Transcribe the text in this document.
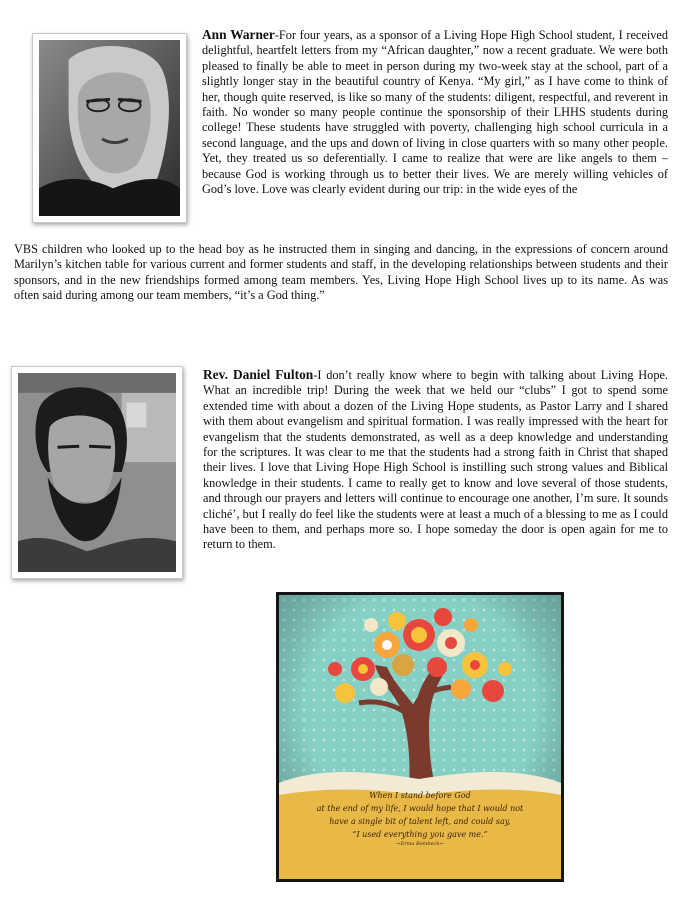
Ann Warner-For four years, as a sponsor of a Living Hope High School student, I received delightful, heartfelt letters from my “African daughter,” now a recent graduate. We were both pleased to finally be able to meet in person during my two-week stay at the school, part of a slightly longer stay in the beautiful country of Kenya. “My girl,” as I have come to think of her, though quite reserved, is like so many of the students: diligent, respectful, and reverent in faith. No wonder so many people continue the sponsorship of their LHHS students during college! These students have struggled with poverty, challenging high school curricula in a second language, and the ups and down of living in close quarters with so many other people. Yet, they treated us so deferentially. I came to realize that were are like angels to them – because God is working through us to better their lives. We are merely willing vehicles of God’s love. Love was clearly evident during our trip: in the wide eyes of the

VBS children who looked up to the head boy as he instructed them in singing and dancing, in the expressions of concern around Marilyn’s kitchen table for various current and former students and staff, in the developing relationships between students and their sponsors, and in the new friendships formed among team members. Yes, Living Hope High School lives up to its name. As was often said during among our team members, “it’s a God thing.”

Rev. Daniel Fulton-I don’t really know where to begin with talking about Living Hope. What an incredible trip! During the week that we held our “clubs” I got to spend some extended time with about a dozen of the Living Hope students, as Pastor Larry and I shared with them about evangelism and spiritual formation. I was really impressed with the heart for evangelism that the students demonstrated, as well as a deep knowledge and understanding for the scriptures. It was clear to me that the students had a strong faith in Christ that shaped their lives. I love that Living Hope High School is instilling such strong values and Biblical knowledge in their students. I came to really get to know and love several of those students, and through our prayers and letters will continue to encourage one another, I’m sure. It sounds cliché’, but I really do feel like the students were at least a much of a blessing to me as I could have been to them, and perhaps more so. I hope someday the door is open again for me to return to them.

When I stand before God
at the end of my life, I would hope that I would not
have a single bit of talent left, and could say,
“I used everything you gave me.”
~Erma Bombeck~
